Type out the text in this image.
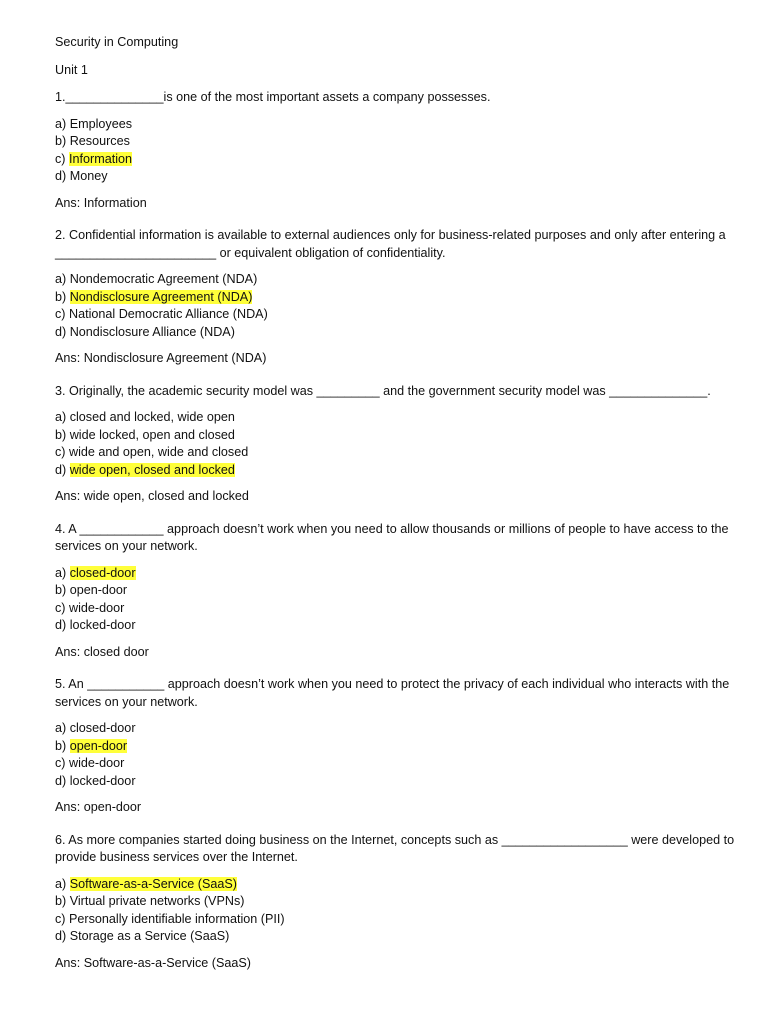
Security in Computing

Unit 1

1.______________is one of the most important assets a company possesses.

a) Employees
b) Resources
c) Information
d) Money

Ans: Information

2. Confidential information is available to external audiences only for business-related purposes and only after entering a _______________________ or equivalent obligation of confidentiality.

a) Nondemocratic Agreement (NDA)
b) Nondisclosure Agreement (NDA)
c) National Democratic Alliance (NDA)
d) Nondisclosure Alliance (NDA)

Ans: Nondisclosure Agreement (NDA)

3. Originally, the academic security model was _________ and the government security model was ______________.

a) closed and locked, wide open
b) wide locked, open and closed
c) wide and open, wide and closed
d) wide open, closed and locked

Ans: wide open, closed and locked

4. A ____________ approach doesn’t work when you need to allow thousands or millions of people to have access to the services on your network.

a) closed-door
b) open-door
c) wide-door
d) locked-door

Ans: closed door

5. An ___________ approach doesn’t work when you need to protect the privacy of each individual who interacts with the services on your network.

a) closed-door
b) open-door
c) wide-door
d) locked-door

Ans: open-door

6. As more companies started doing business on the Internet, concepts such as __________________ were developed to provide business services over the Internet.

a) Software-as-a-Service (SaaS)
b) Virtual private networks (VPNs)
c) Personally identifiable information (PII)
d) Storage as a Service (SaaS)

Ans: Software-as-a-Service (SaaS)
